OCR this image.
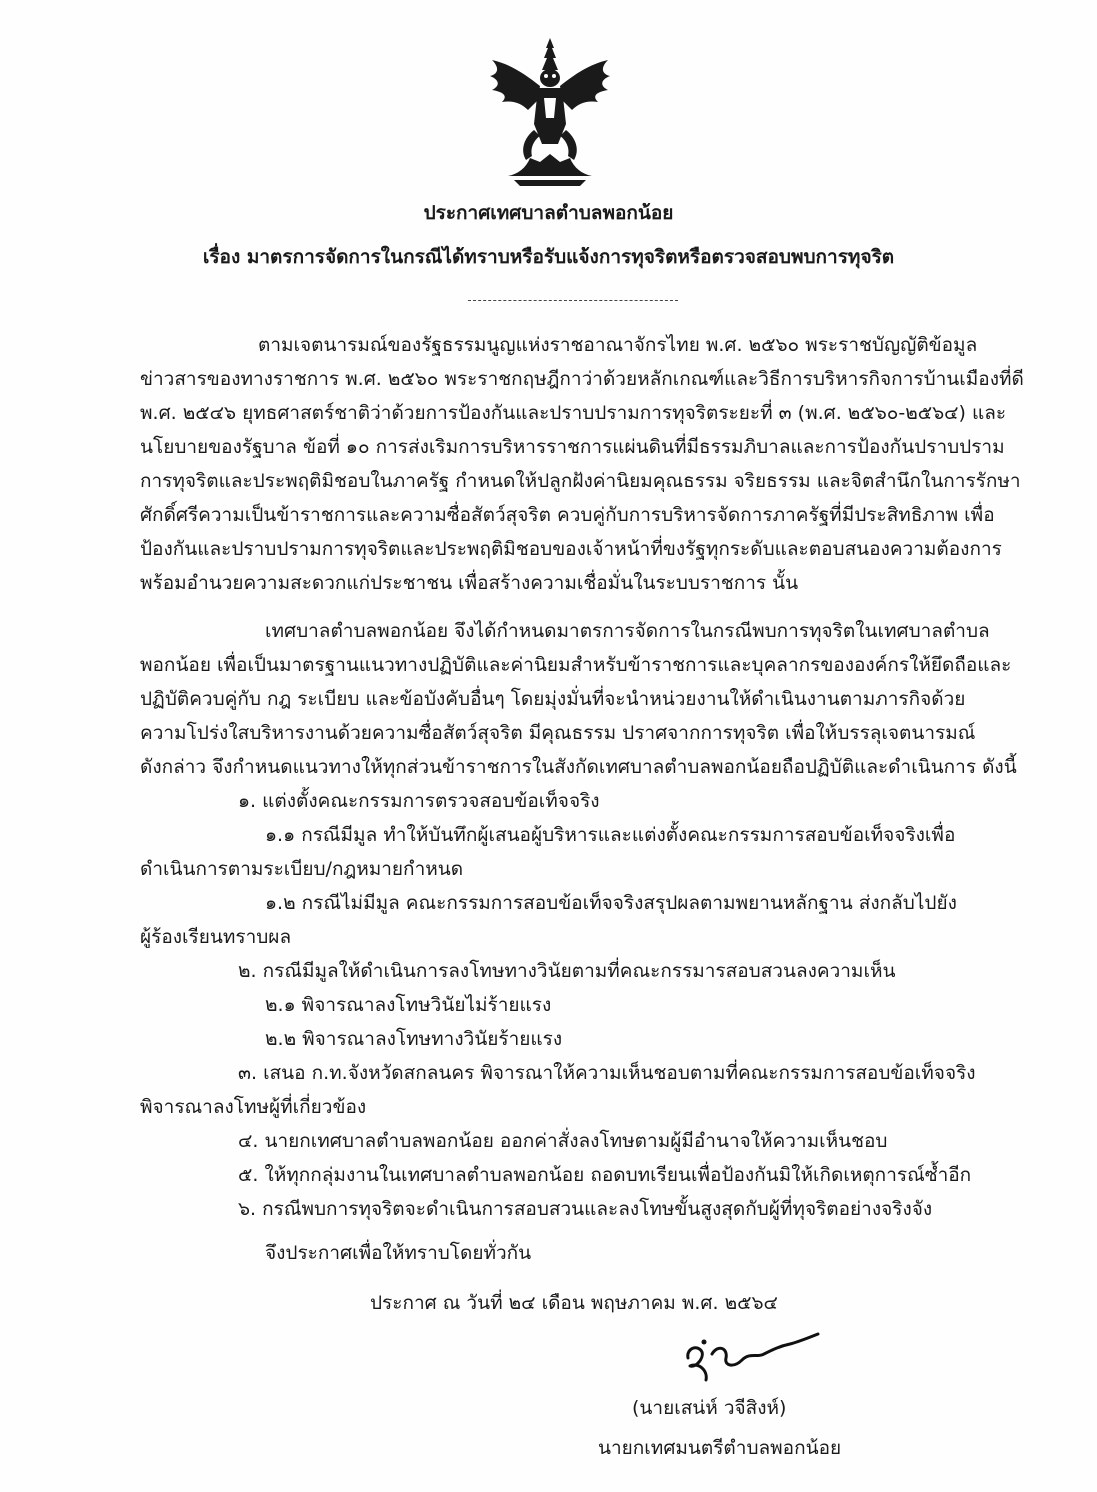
ประกาศเทศบาลตำบลพอกน้อย
เรื่อง มาตรการจัดการในกรณีได้ทราบหรือรับแจ้งการทุจริตหรือตรวจสอบพบการทุจริต
ตามเจตนารมณ์ของรัฐธรรมนูญแห่งราชอาณาจักรไทย พ.ศ. ๒๕๖๐ พระราชบัญญัติข้อมูล
ข่าวสารของทางราชการ พ.ศ. ๒๕๖๐ พระราชกฤษฎีกาว่าด้วยหลักเกณฑ์และวิธีการบริหารกิจการบ้านเมืองที่ดี
พ.ศ. ๒๕๔๖ ยุทธศาสตร์ชาติว่าด้วยการป้องกันและปราบปรามการทุจริตระยะที่ ๓ (พ.ศ. ๒๕๖๐-๒๕๖๔) และ
นโยบายของรัฐบาล ข้อที่ ๑๐ การส่งเริมการบริหารราชการแผ่นดินที่มีธรรมภิบาลและการป้องกันปราบปราม
การทุจริตและประพฤติมิชอบในภาครัฐ กำหนดให้ปลูกฝังค่านิยมคุณธรรม จริยธรรม และจิตสำนึกในการรักษา
ศักดิ์ศรีความเป็นข้าราชการและความซื่อสัตว์สุจริต ควบคู่กับการบริหารจัดการภาครัฐที่มีประสิทธิภาพ เพื่อ
ป้องกันและปราบปรามการทุจริตและประพฤติมิชอบของเจ้าหน้าที่ขงรัฐทุกระดับและตอบสนองความต้องการ
พร้อมอำนวยความสะดวกแก่ประชาชน เพื่อสร้างความเชื่อมั่นในระบบราชการ นั้น
เทศบาลตำบลพอกน้อย จึงได้กำหนดมาตรการจัดการในกรณีพบการทุจริตในเทศบาลตำบล
พอกน้อย เพื่อเป็นมาตรฐานแนวทางปฏิบัติและค่านิยมสำหรับข้าราชการและบุคลากรขององค์กรให้ยึดถือและ
ปฏิบัติควบคู่กับ กฎ ระเบียบ และข้อบังคับอื่นๆ โดยมุ่งมั่นที่จะนำหน่วยงานให้ดำเนินงานตามภารกิจด้วย
ความโปร่งใสบริหารงานด้วยความซื่อสัตว์สุจริต มีคุณธรรม ปราศจากการทุจริต เพื่อให้บรรลุเจตนารมณ์
ดังกล่าว จึงกำหนดแนวทางให้ทุกส่วนข้าราชการในสังกัดเทศบาลตำบลพอกน้อยถือปฏิบัติและดำเนินการ ดังนี้
๑. แต่งตั้งคณะกรรมการตรวจสอบข้อเท็จจริง
๑.๑ กรณีมีมูล ทำให้บันทึกผู้เสนอผู้บริหารและแต่งตั้งคณะกรรมการสอบข้อเท็จจริงเพื่อ
ดำเนินการตามระเบียบ/กฎหมายกำหนด
๑.๒ กรณีไม่มีมูล คณะกรรมการสอบข้อเท็จจริงสรุปผลตามพยานหลักฐาน ส่งกลับไปยัง
ผู้ร้องเรียนทราบผล
๒. กรณีมีมูลให้ดำเนินการลงโทษทางวินัยตามที่คณะกรรมารสอบสวนลงความเห็น
๒.๑ พิจารณาลงโทษวินัยไม่ร้ายแรง
๒.๒ พิจารณาลงโทษทางวินัยร้ายแรง
๓. เสนอ ก.ท.จังหวัดสกลนคร พิจารณาให้ความเห็นชอบตามที่คณะกรรมการสอบข้อเท็จจริง
พิจารณาลงโทษผู้ที่เกี่ยวข้อง
๔. นายกเทศบาลตำบลพอกน้อย ออกค่าสั่งลงโทษตามผู้มีอำนาจให้ความเห็นชอบ
๕. ให้ทุกกลุ่มงานในเทศบาลตำบลพอกน้อย ถอดบทเรียนเพื่อป้องกันมิให้เกิดเหตุการณ์ซ้ำอีก
๖. กรณีพบการทุจริตจะดำเนินการสอบสวนและลงโทษขั้นสูงสุดกับผู้ที่ทุจริตอย่างจริงจัง
จึงประกาศเพื่อให้ทราบโดยทั่วกัน
ประกาศ ณ วันที่ ๒๔ เดือน พฤษภาคม พ.ศ. ๒๕๖๔
(นายเสน่ห์ วจีสิงห์)
นายกเทศมนตรีตำบลพอกน้อย
